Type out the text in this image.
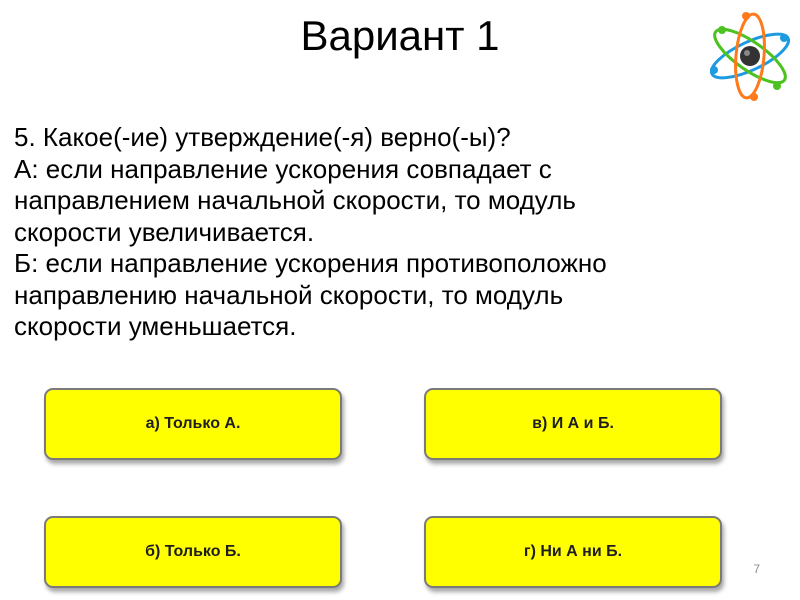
Вариант 1

5. Какое(-ие) утверждение(-я) верно(-ы)?

А: если направление ускорения совпадает с

направлением начальной скорости, то модуль

скорости увеличивается.

Б: если направление ускорения противоположно

направлению начальной скорости, то модуль

скорости уменьшается.

а) Только А.	в) И А и Б.
б) Только Б.	г) Ни А ни Б.
7
